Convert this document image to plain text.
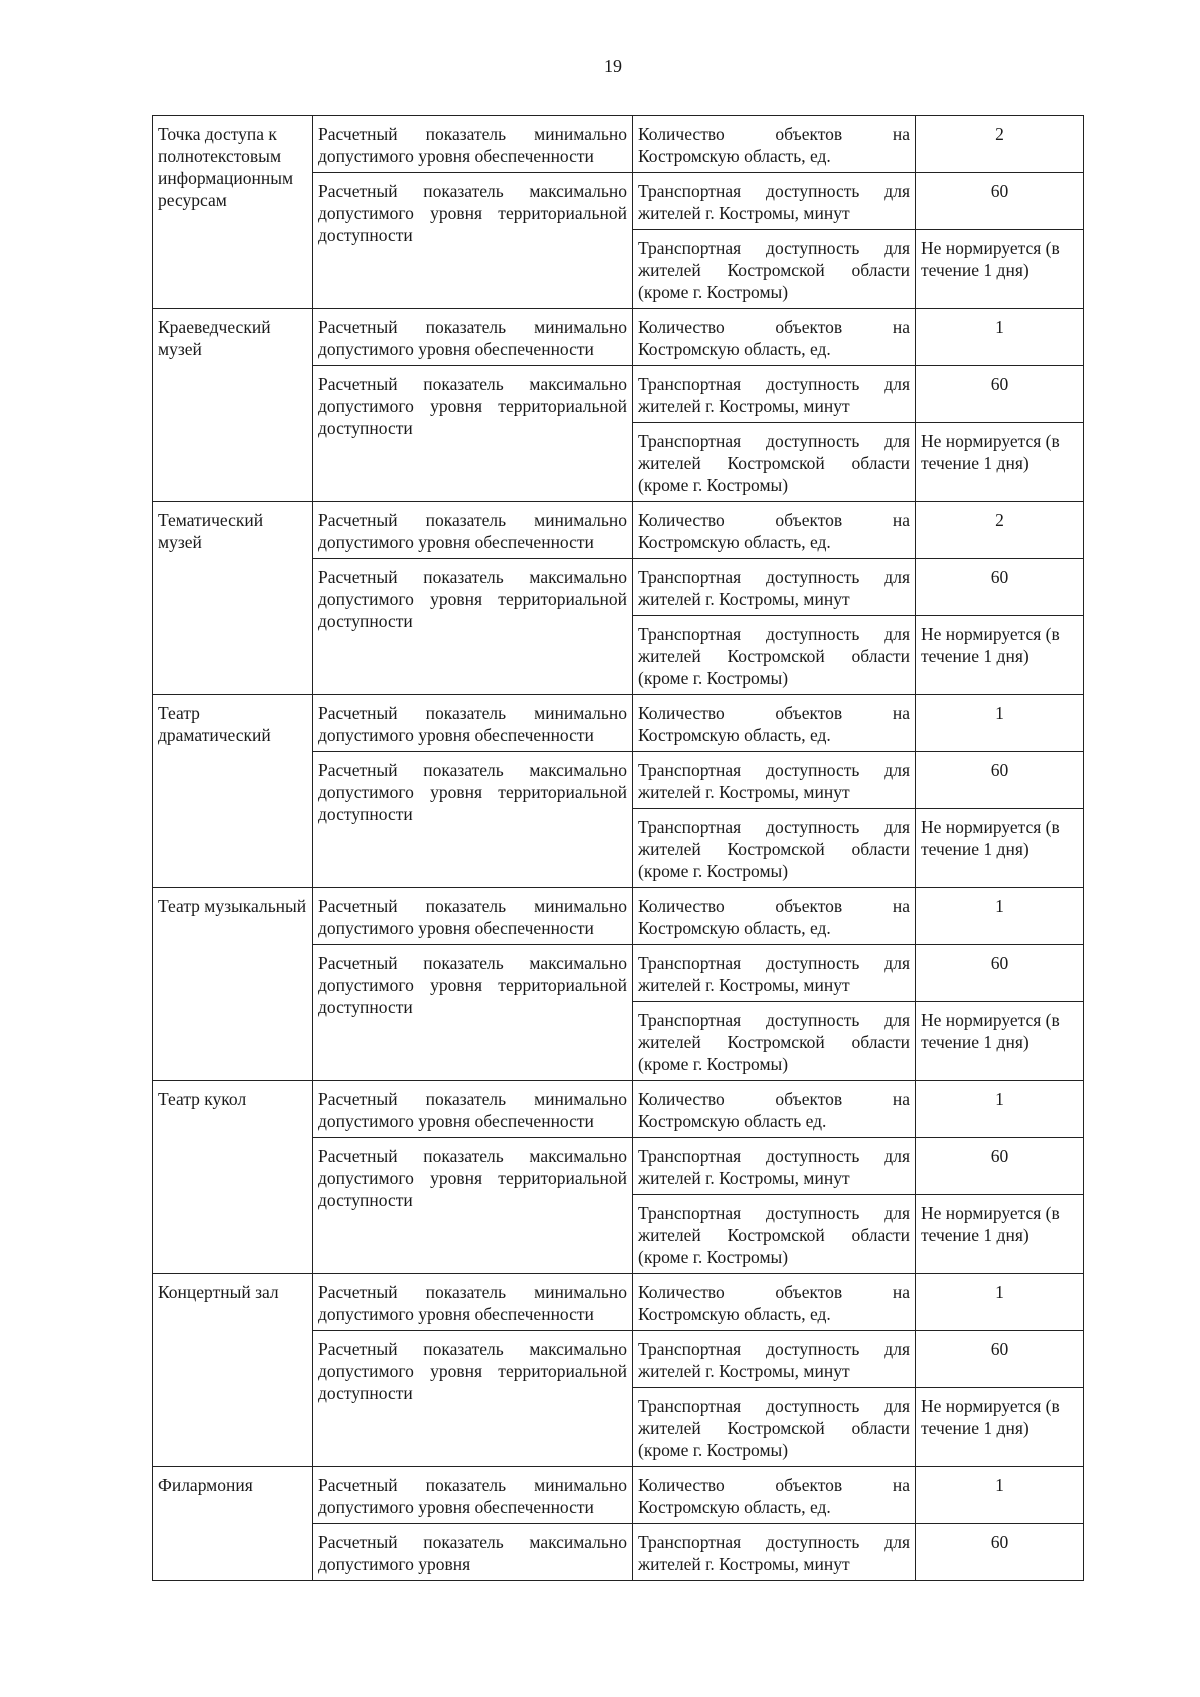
19
Точка доступа к полнотекстовым информационным ресурсам	Расчетный показатель минимально допустимого уровня обеспеченности	Количество объектов на Костромскую область, ед.	2
	Расчетный показатель максимально допустимого уровня территориальной доступности	Транспортная доступность для жителей г. Костромы, минут	60
		Транспортная доступность для жителей Костромской области (кроме г. Костромы)	Не нормируется (в течение 1 дня)
Краеведческий музей	Расчетный показатель минимально допустимого уровня обеспеченности	Количество объектов на Костромскую область, ед.	1
	Расчетный показатель максимально допустимого уровня территориальной доступности	Транспортная доступность для жителей г. Костромы, минут	60
		Транспортная доступность для жителей Костромской области (кроме г. Костромы)	Не нормируется (в течение 1 дня)
Тематический музей	Расчетный показатель минимально допустимого уровня обеспеченности	Количество объектов на Костромскую область, ед.	2
	Расчетный показатель максимально допустимого уровня территориальной доступности	Транспортная доступность для жителей г. Костромы, минут	60
		Транспортная доступность для жителей Костромской области (кроме г. Костромы)	Не нормируется (в течение 1 дня)
Театр драматический	Расчетный показатель минимально допустимого уровня обеспеченности	Количество объектов на Костромскую область, ед.	1
	Расчетный показатель максимально допустимого уровня территориальной доступности	Транспортная доступность для жителей г. Костромы, минут	60
		Транспортная доступность для жителей Костромской области (кроме г. Костромы)	Не нормируется (в течение 1 дня)
Театр музыкальный	Расчетный показатель минимально допустимого уровня обеспеченности	Количество объектов на Костромскую область, ед.	1
	Расчетный показатель максимально допустимого уровня территориальной доступности	Транспортная доступность для жителей г. Костромы, минут	60
		Транспортная доступность для жителей Костромской области (кроме г. Костромы)	Не нормируется (в течение 1 дня)
Театр кукол	Расчетный показатель минимально допустимого уровня обеспеченности	Количество объектов на Костромскую область ед.	1
	Расчетный показатель максимально допустимого уровня территориальной доступности	Транспортная доступность для жителей г. Костромы, минут	60
		Транспортная доступность для жителей Костромской области (кроме г. Костромы)	Не нормируется (в течение 1 дня)
Концертный зал	Расчетный показатель минимально допустимого уровня обеспеченности	Количество объектов на Костромскую область, ед.	1
	Расчетный показатель максимально допустимого уровня территориальной доступности	Транспортная доступность для жителей г. Костромы, минут	60
		Транспортная доступность для жителей Костромской области (кроме г. Костромы)	Не нормируется (в течение 1 дня)
Филармония	Расчетный показатель минимально допустимого уровня обеспеченности	Количество объектов на Костромскую область, ед.	1
	Расчетный показатель максимально допустимого уровня	Транспортная доступность для жителей г. Костромы, минут	60
